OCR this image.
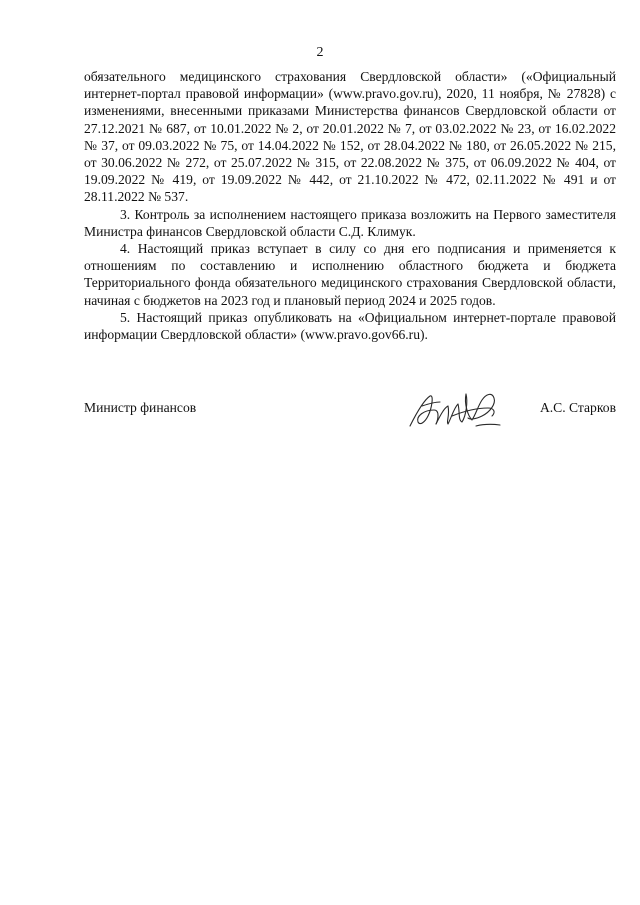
2

обязательного медицинского страхования Свердловской области» («Официальный интернет-портал правовой информации» (www.pravo.gov.ru), 2020, 11 ноября, № 27828) с изменениями, внесенными приказами Министерства финансов Свердловской области от 27.12.2021 № 687, от 10.01.2022 № 2, от 20.01.2022 № 7, от 03.02.2022 № 23, от 16.02.2022 № 37, от 09.03.2022 № 75, от 14.04.2022 № 152, от 28.04.2022 № 180, от 26.05.2022 № 215, от 30.06.2022 № 272, от 25.07.2022 № 315, от 22.08.2022 № 375, от 06.09.2022 № 404, от 19.09.2022 № 419, от 19.09.2022 № 442, от 21.10.2022 № 472, 02.11.2022 № 491 и от 28.11.2022 № 537.

3. Контроль за исполнением настоящего приказа возложить на Первого заместителя Министра финансов Свердловской области С.Д. Климук.

4. Настоящий приказ вступает в силу со дня его подписания и применяется к отношениям по составлению и исполнению областного бюджета и бюджета Территориального фонда обязательного медицинского страхования Свердловской области, начиная с бюджетов на 2023 год и плановый период 2024 и 2025 годов.

5. Настоящий приказ опубликовать на «Официальном интернет-портале правовой информации Свердловской области» (www.pravo.gov66.ru).

Министр финансов	А.С. Старков
